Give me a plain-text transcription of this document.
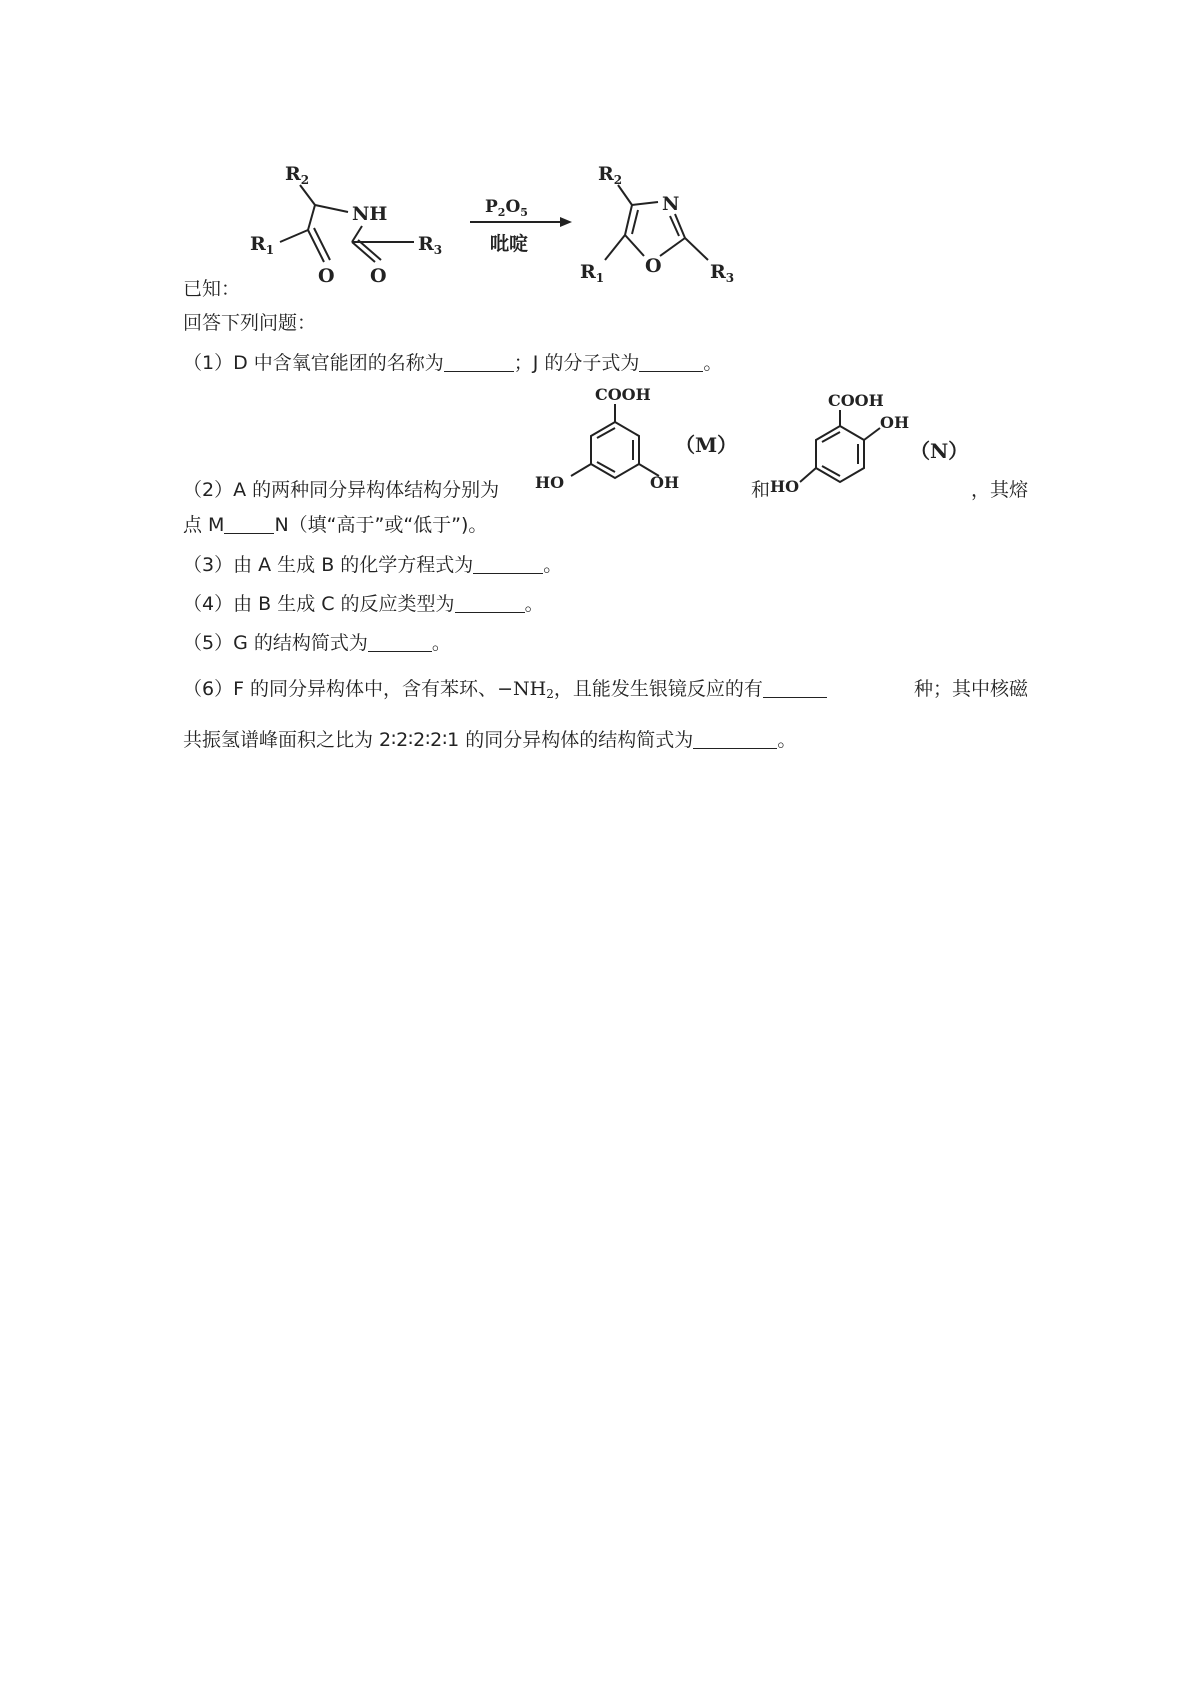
$R_2$
NH
$R_1$	$R_3$
O O
$P_2O_5$
吡啶
$R_2$
N
O
$R_1$	$R_3$
已知：
回答下列问题：
（1）D 中含氧官能团的名称为	；J 的分子式为	。
COOH
HO	OH
（M）
COOH
OH
HO
（N）
（2）A 的两种同分异构体结构分别为	和	，其熔
点 M	N（填“高于”或“低于”)。
（3）由 A 生成 B 的化学方程式为	。
（4）由 B 生成 C 的反应类型为	。
（5）G 的结构简式为	。
（6）F 的同分异构体中，含有苯环、$-NH_2$，且能发生银镜反应的有	种；其中核磁
共振氢谱峰面积之比为 2∶2∶2∶2∶1 的同分异构体的结构简式为	。
